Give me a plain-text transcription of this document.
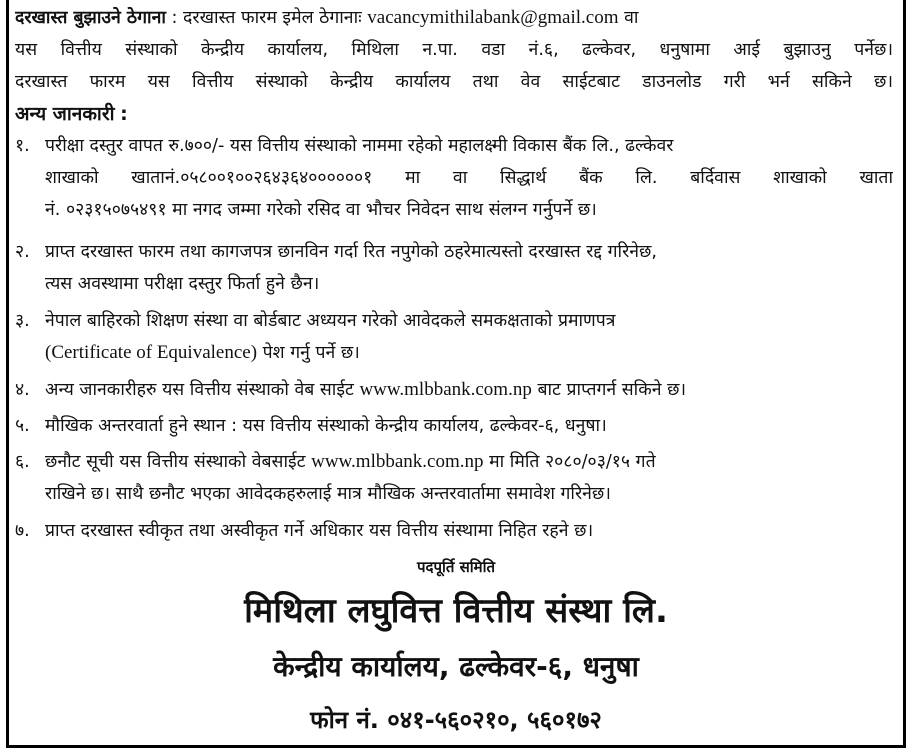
दरखास्त बुझाउने ठेगाना : दरखास्त फारम इमेल ठेगानाः vacancymithilabank@gmail.com वा
यस वित्तीय संस्थाको केन्द्रीय कार्यालय, मिथिला न.पा. वडा नं.६, ढल्केवर, धनुषामा आई बुझाउनु पर्नेछ।
दरखास्त फारम यस वित्तीय संस्थाको केन्द्रीय कार्यालय तथा वेव साईटबाट डाउनलोड गरी भर्न सकिने छ।
अन्य जानकारी :
१. परीक्षा दस्तुर वापत रु.७००/- यस वित्तीय संस्थाको नाममा रहेको महालक्ष्मी विकास बैंक लि., ढल्केवर
शाखाको खातानं.०५८००१००२६४३६४००००००१ मा वा सिद्धार्थ बैंक लि. बर्दिवास शाखाको खाता
नं. ०२३१५०७५४९१ मा नगद जम्मा गरेको रसिद वा भौचर निवेदन साथ संलग्न गर्नुपर्ने छ।
२. प्राप्त दरखास्त फारम तथा कागजपत्र छानविन गर्दा रित नपुगेको ठहरेमात्यस्तो दरखास्त रद्द गरिनेछ,
त्यस अवस्थामा परीक्षा दस्तुर फिर्ता हुने छैन।
३. नेपाल बाहिरको शिक्षण संस्था वा बोर्डबाट अध्ययन गरेको आवेदकले समकक्षताको प्रमाणपत्र
(Certificate of Equivalence) पेश गर्नु पर्ने छ।
४. अन्य जानकारीहरु यस वित्तीय संस्थाको वेब साईट www.mlbbank.com.np बाट प्राप्तगर्न सकिने छ।
५. मौखिक अन्तरवार्ता हुने स्थान : यस वित्तीय संस्थाको केन्द्रीय कार्यालय, ढल्केवर-६, धनुषा।
६. छनौट सूची यस वित्तीय संस्थाको वेबसाईट www.mlbbank.com.np मा मिति २०८०/०३/१५ गते
राखिने छ। साथै छनौट भएका आवेदकहरुलाई मात्र मौखिक अन्तरवार्तामा समावेश गरिनेछ।
७. प्राप्त दरखास्त स्वीकृत तथा अस्वीकृत गर्ने अधिकार यस वित्तीय संस्थामा निहित रहने छ।
पदपूर्ति समिति
मिथिला लघुवित्त वित्तीय संस्था लि.
केन्द्रीय कार्यालय, ढल्केवर-६, धनुषा
फोन नं. ०४१-५६०२१०, ५६०१७२
